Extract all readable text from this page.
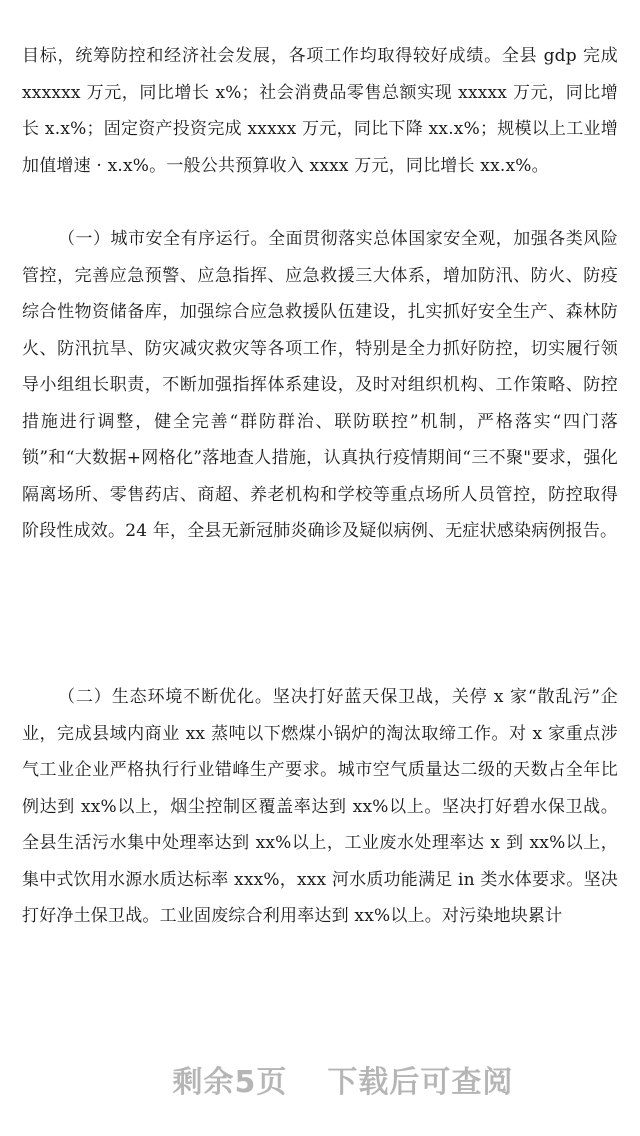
目标，统筹防控和经济社会发展，各项工作均取得较好成绩。全县 gdp 完成 xxxxxx 万元，同比增长 x%；社会消费品零售总额实现 xxxxx 万元，同比增长 x.x%；固定资产投资完成 xxxxx 万元，同比下降 xx.x%；规模以上工业增加值增速 · x.x%。一般公共预算收入 xxxx 万元，同比增长 xx.x%。

（一）城市安全有序运行。全面贯彻落实总体国家安全观，加强各类风险管控，完善应急预警、应急指挥、应急救援三大体系，增加防汛、防火、防疫综合性物资储备库，加强综合应急救援队伍建设，扎实抓好安全生产、森林防火、防汛抗旱、防灾减灾救灾等各项工作，特别是全力抓好防控，切实履行领导小组组长职责，不断加强指挥体系建设，及时对组织机构、工作策略、防控措施进行调整，健全完善“群防群治、联防联控”机制，严格落实“四门落锁”和“大数据+网格化”落地查人措施，认真执行疫情期间“三不聚"要求，强化隔离场所、零售药店、商超、养老机构和学校等重点场所人员管控，防控取得阶段性成效。24 年，全县无新冠肺炎确诊及疑似病例、无症状感染病例报告。

（二）生态环境不断优化。坚决打好蓝天保卫战，关停 x 家“散乱污”企业，完成县域内商业 xx 蒸吨以下燃煤小锅炉的淘汰取缔工作。对 x 家重点涉气工业企业严格执行行业错峰生产要求。城市空气质量达二级的天数占全年比例达到 xx%以上，烟尘控制区覆盖率达到 xx%以上。坚决打好碧水保卫战。全县生活污水集中处理率达到 xx%以上，工业废水处理率达 x 到 xx%以上，集中式饮用水源水质达标率 xxx%，xxx 河水质功能满足 in 类水体要求。坚决打好净土保卫战。工业固废综合利用率达到 xx%以上。对污染地块累计

剩余5页 下载后可查阅
